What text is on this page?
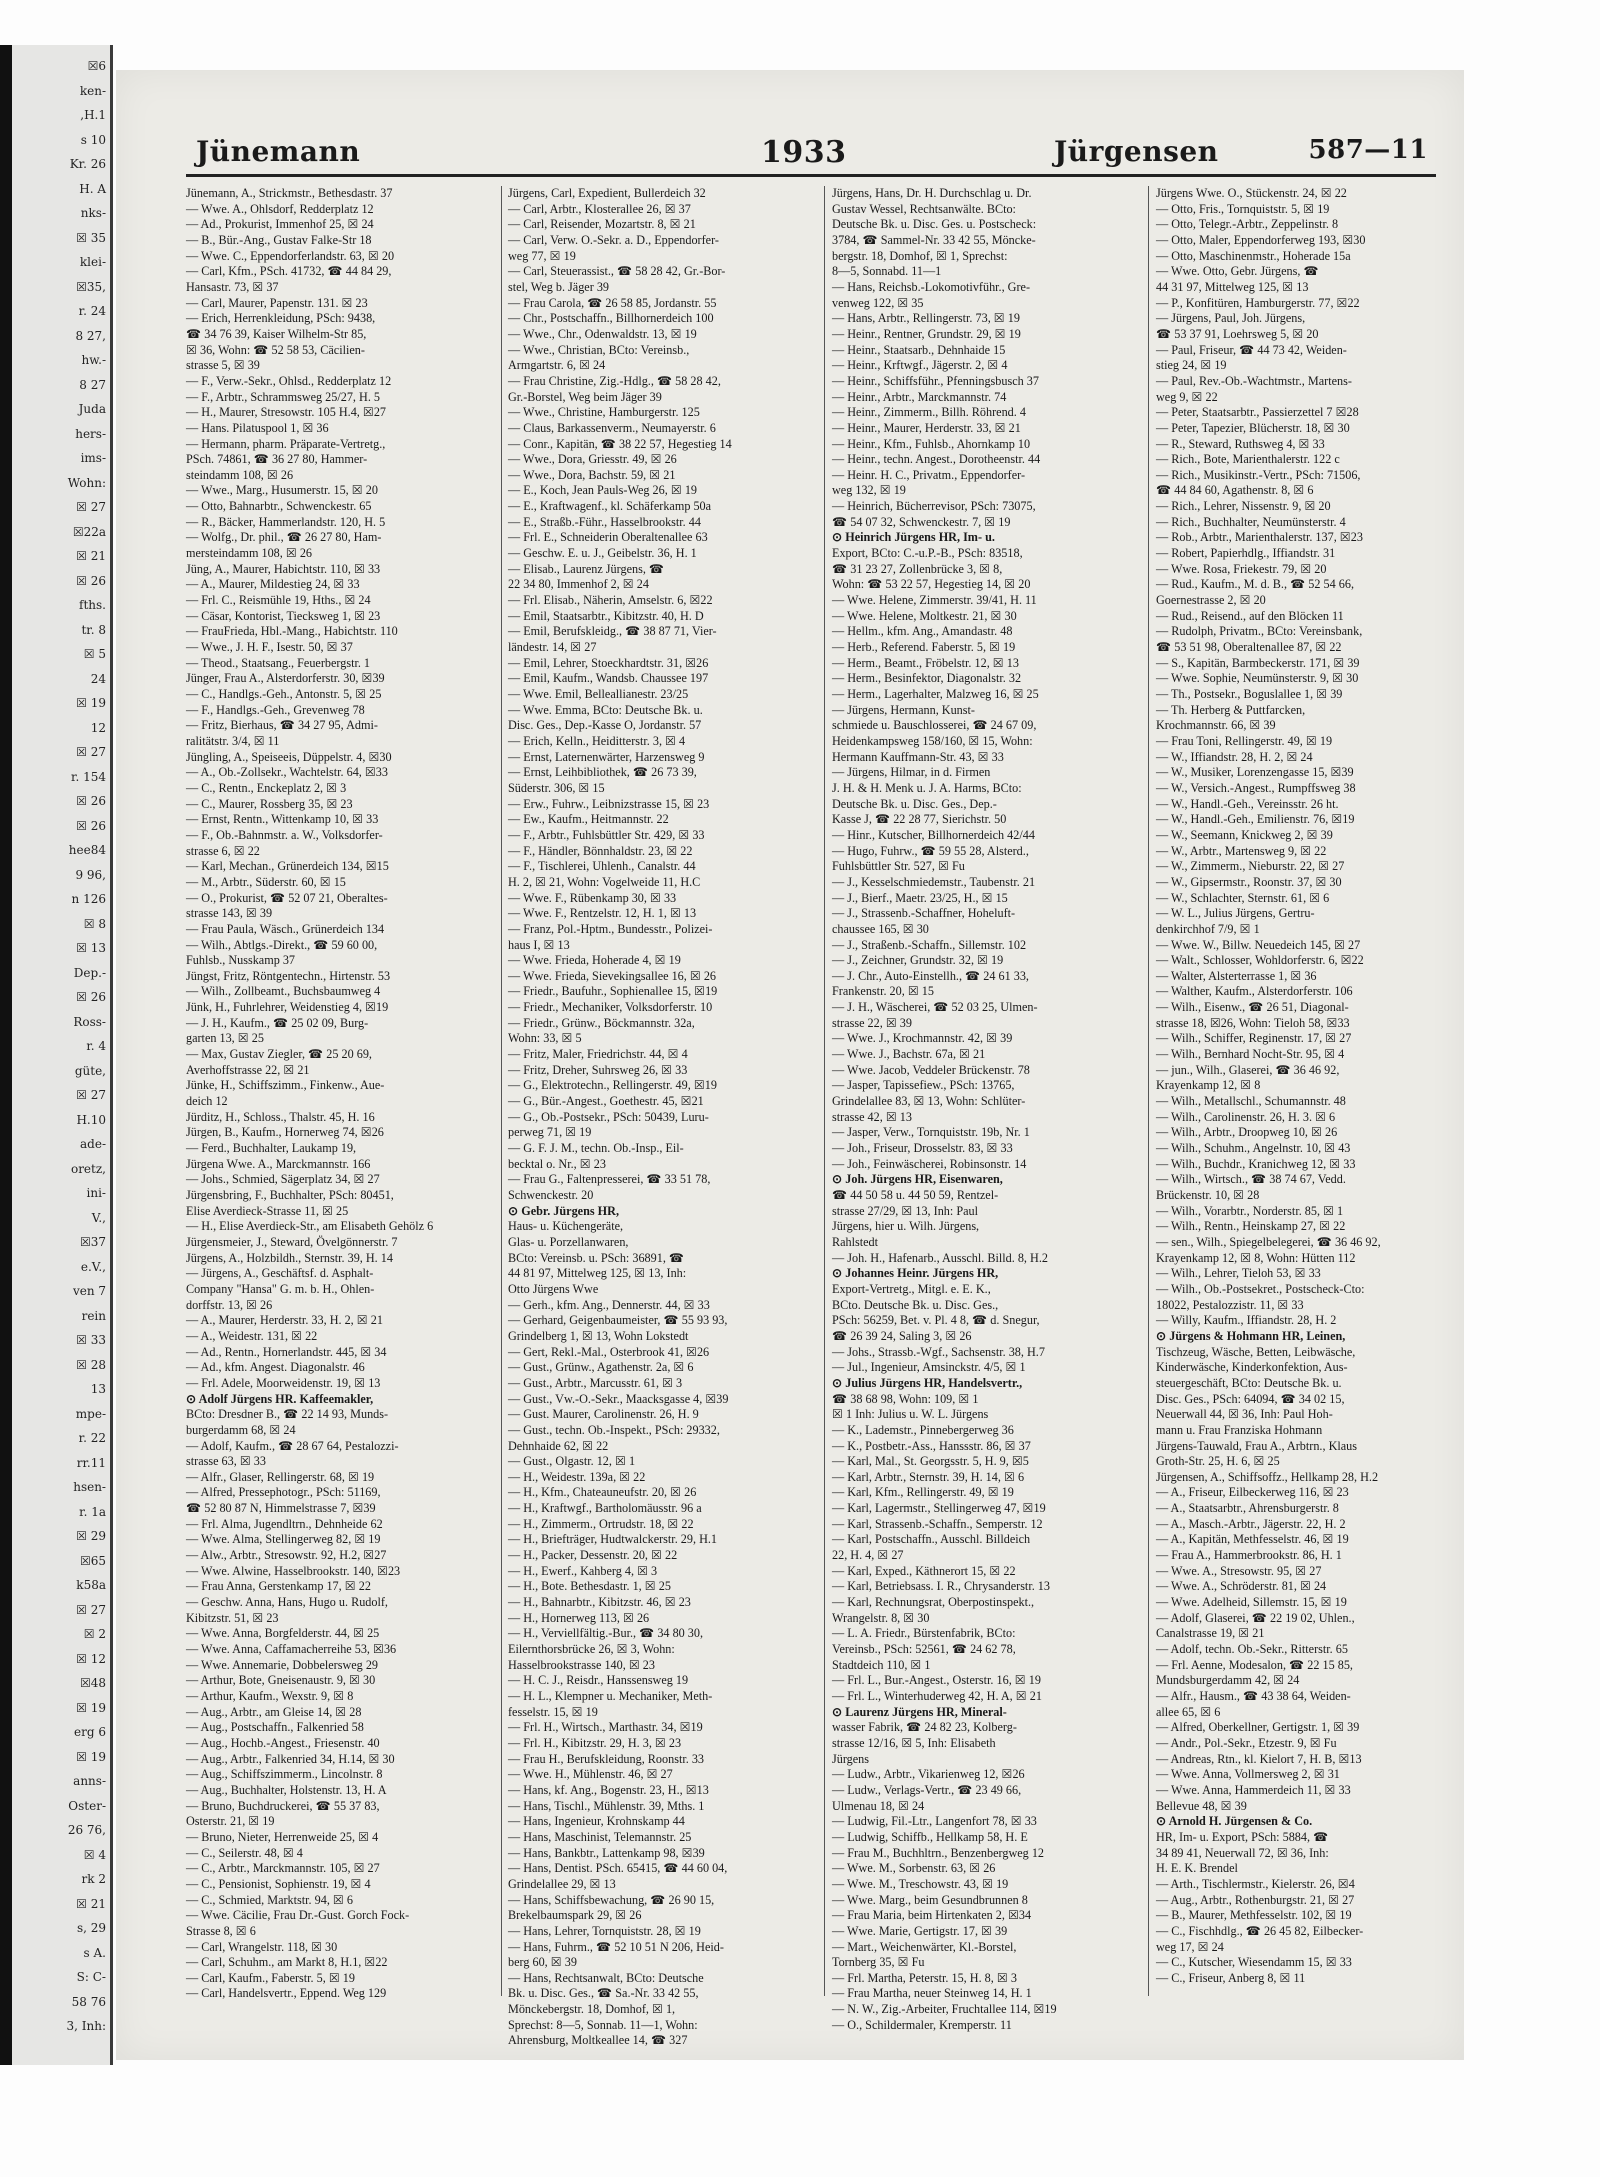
☒6
ken-
,H.1
s 10
Kr. 26
H. A
nks-
☒ 35
klei-
☒35,
r. 24
8 27,
hw.-
8 27
Juda
hers-
ims-
Wohn:
☒ 27
☒22a
☒ 21
☒ 26
fths.
tr. 8
☒ 5
24
☒ 19
12
☒ 27
r. 154
☒ 26
☒ 26
hee84
9 96,
n 126
☒ 8
☒ 13
Dep.-
☒ 26
Ross-
r. 4
güte,
☒ 27
H.10
ade-
oretz,
ini-
V.,
☒37
e.V.,
ven 7
rein
☒ 33
☒ 28
13
mpe-
r. 22
rr.11
hsen-
r. 1a
☒ 29
☒65
k58a
☒ 27
☒ 2
☒ 12
☒48
☒ 19
erg 6
☒ 19
anns-
Oster-
26 76,
☒ 4
rk 2
☒ 21
s, 29
s A.
S: C-
58 76
3, Inh:
Jünemann	1933	Jürgensen	587—11
Jünemann, A., Strickmstr., Bethesdastr. 37
— Wwe. A., Ohlsdorf, Redderplatz 12
— Ad., Prokurist, Immenhof 25, ☒ 24
— B., Bür.-Ang., Gustav Falke-Str 18
— Wwe. C., Eppendorferlandstr. 63, ☒ 20
— Carl, Kfm., PSch. 41732, ☎ 44 84 29,
Hansastr. 73, ☒ 37
— Carl, Maurer, Papenstr. 131. ☒ 23
— Erich, Herrenkleidung, PSch: 9438,
☎ 34 76 39, Kaiser Wilhelm-Str 85,
☒ 36, Wohn: ☎ 52 58 53, Cäcilien-
strasse 5, ☒ 39
— F., Verw.-Sekr., Ohlsd., Redderplatz 12
— F., Arbtr., Schrammsweg 25/27, H. 5
— H., Maurer, Stresowstr. 105 H.4, ☒27
— Hans. Pilatuspool 1, ☒ 36
— Hermann, pharm. Präparate-Vertretg.,
PSch. 74861, ☎ 36 27 80, Hammer-
steindamm 108, ☒ 26
— Wwe., Marg., Husumerstr. 15, ☒ 20
— Otto, Bahnarbtr., Schwenckestr. 65
— R., Bäcker, Hammerlandstr. 120, H. 5
— Wolfg., Dr. phil., ☎ 26 27 80, Ham-
mersteindamm 108, ☒ 26
Jüng, A., Maurer, Habichtstr. 110, ☒ 33
— A., Maurer, Mildestieg 24, ☒ 33
— Frl. C., Reismühle 19, Hths., ☒ 24
— Cäsar, Kontorist, Tiecksweg 1, ☒ 23
— FrauFrieda, Hbl.-Mang., Habichtstr. 110
— Wwe., J. H. F., Isestr. 50, ☒ 37
— Theod., Staatsang., Feuerbergstr. 1
Jünger, Frau A., Alsterdorferstr. 30, ☒39
— C., Handlgs.-Geh., Antonstr. 5, ☒ 25
— F., Handlgs.-Geh., Grevenweg 78
— Fritz, Bierhaus, ☎ 34 27 95, Admi-
ralitätstr. 3/4, ☒ 11
Jüngling, A., Speiseeis, Düppelstr. 4, ☒30
— A., Ob.-Zollsekr., Wachtelstr. 64, ☒33
— C., Rentn., Enckeplatz 2, ☒ 3
— C., Maurer, Rossberg 35, ☒ 23
— Ernst, Rentn., Wittenkamp 10, ☒ 33
— F., Ob.-Bahnmstr. a. W., Volksdorfer-
strasse 6, ☒ 22
— Karl, Mechan., Grünerdeich 134, ☒15
— M., Arbtr., Süderstr. 60, ☒ 15
— O., Prokurist, ☎ 52 07 21, Oberaltes-
strasse 143, ☒ 39
— Frau Paula, Wäsch., Grünerdeich 134
— Wilh., Abtlgs.-Direkt., ☎ 59 60 00,
Fuhlsb., Nusskamp 37
Jüngst, Fritz, Röntgentechn., Hirtenstr. 53
— Wilh., Zollbeamt., Buchsbaumweg 4
Jünk, H., Fuhrlehrer, Weidenstieg 4, ☒19
— J. H., Kaufm., ☎ 25 02 09, Burg-
garten 13, ☒ 25
— Max, Gustav Ziegler, ☎ 25 20 69,
Averhoffstrasse 22, ☒ 21
Jünke, H., Schiffszimm., Finkenw., Aue-
deich 12
Jürditz, H., Schloss., Thalstr. 45, H. 16
Jürgen, B., Kaufm., Hornerweg 74, ☒26
— Ferd., Buchhalter, Laukamp 19,
Jürgena Wwe. A., Marckmannstr. 166
— Johs., Schmied, Sägerplatz 34, ☒ 27
Jürgensbring, F., Buchhalter, PSch: 80451,
Elise Averdieck-Strasse 11, ☒ 25
— H., Elise Averdieck-Str., am Elisabeth Gehölz 6
Jürgensmeier, J., Steward, Övelgönnerstr. 7
Jürgens, A., Holzbildh., Sternstr. 39, H. 14
— Jürgens, A., Geschäftsf. d. Asphalt-
Company "Hansa" G. m. b. H., Ohlen-
dorffstr. 13, ☒ 26
— A., Maurer, Herderstr. 33, H. 2, ☒ 21
— A., Weidestr. 131, ☒ 22
— Ad., Rentn., Hornerlandstr. 445, ☒ 34
— Ad., kfm. Angest. Diagonalstr. 46
— Frl. Adele, Moorweidenstr. 19, ☒ 13
⊙ Adolf Jürgens HR. Kaffeemakler,
BCto: Dresdner B., ☎ 22 14 93, Munds-
burgerdamm 68, ☒ 24
— Adolf, Kaufm., ☎ 28 67 64, Pestalozzi-
strasse 63, ☒ 33
— Alfr., Glaser, Rellingerstr. 68, ☒ 19
— Alfred, Pressephotogr., PSch: 51169,
☎ 52 80 87 N, Himmelstrasse 7, ☒39
— Frl. Alma, Jugendltrn., Dehnheide 62
— Wwe. Alma, Stellingerweg 82, ☒ 19
— Alw., Arbtr., Stresowstr. 92, H.2, ☒27
— Wwe. Alwine, Hasselbrookstr. 140, ☒23
— Frau Anna, Gerstenkamp 17, ☒ 22
— Geschw. Anna, Hans, Hugo u. Rudolf,
Kibitzstr. 51, ☒ 23
— Wwe. Anna, Borgfelderstr. 44, ☒ 25
— Wwe. Anna, Caffamacherreihe 53, ☒36
— Wwe. Annemarie, Dobbelersweg 29
— Arthur, Bote, Gneisenaustr. 9, ☒ 30
— Arthur, Kaufm., Wexstr. 9, ☒ 8
— Aug., Arbtr., am Gleise 14, ☒ 28
— Aug., Postschaffn., Falkenried 58
— Aug., Hochb.-Angest., Friesenstr. 40
— Aug., Arbtr., Falkenried 34, H.14, ☒ 30
— Aug., Schiffszimmerm., Lincolnstr. 8
— Aug., Buchhalter, Holstenstr. 13, H. A
— Bruno, Buchdruckerei, ☎ 55 37 83,
Osterstr. 21, ☒ 19
— Bruno, Nieter, Herrenweide 25, ☒ 4
— C., Seilerstr. 48, ☒ 4
— C., Arbtr., Marckmannstr. 105, ☒ 27
— C., Pensionist, Sophienstr. 19, ☒ 4
— C., Schmied, Marktstr. 94, ☒ 6
— Wwe. Cäcilie, Frau Dr.-Gust. Gorch Fock-
Strasse 8, ☒ 6
— Carl, Wrangelstr. 118, ☒ 30
— Carl, Schuhm., am Markt 8, H.1, ☒22
— Carl, Kaufm., Faberstr. 5, ☒ 19
— Carl, Handelsvertr., Eppend. Weg 129
Jürgens, Carl, Expedient, Bullerdeich 32
— Carl, Arbtr., Klosterallee 26, ☒ 37
— Carl, Reisender, Mozartstr. 8, ☒ 21
— Carl, Verw. O.-Sekr. a. D., Eppendorfer-
weg 77, ☒ 19
— Carl, Steuerassist., ☎ 58 28 42, Gr.-Bor-
stel, Weg b. Jäger 39
— Frau Carola, ☎ 26 58 85, Jordanstr. 55
— Chr., Postschaffn., Billhornerdeich 100
— Wwe., Chr., Odenwaldstr. 13, ☒ 19
— Wwe., Christian, BCto: Vereinsb.,
Armgartstr. 6, ☒ 24
— Frau Christine, Zig.-Hdlg., ☎ 58 28 42,
Gr.-Borstel, Weg beim Jäger 39
— Wwe., Christine, Hamburgerstr. 125
— Claus, Barkassenverm., Neumayerstr. 6
— Conr., Kapitän, ☎ 38 22 57, Hegestieg 14
— Wwe., Dora, Griesstr. 49, ☒ 26
— Wwe., Dora, Bachstr. 59, ☒ 21
— E., Koch, Jean Pauls-Weg 26, ☒ 19
— E., Kraftwagenf., kl. Schäferkamp 50a
— E., Straßb.-Führ., Hasselbrookstr. 44
— Frl. E., Schneiderin Oberaltenallee 63
— Geschw. E. u. J., Geibelstr. 36, H. 1
— Elisab., Laurenz Jürgens, ☎
22 34 80, Immenhof 2, ☒ 24
— Frl. Elisab., Näherin, Amselstr. 6, ☒22
— Emil, Staatsarbtr., Kibitzstr. 40, H. D
— Emil, Berufskleidg., ☎ 38 87 71, Vier-
ländestr. 14, ☒ 27
— Emil, Lehrer, Stoeckhardtstr. 31, ☒26
— Emil, Kaufm., Wandsb. Chaussee 197
— Wwe. Emil, Belleallianestr. 23/25
— Wwe. Emma, BCto: Deutsche Bk. u.
Disc. Ges., Dep.-Kasse O, Jordanstr. 57
— Erich, Kelln., Heiditterstr. 3, ☒ 4
— Ernst, Laternenwärter, Harzensweg 9
— Ernst, Leihbibliothek, ☎ 26 73 39,
Süderstr. 306, ☒ 15
— Erw., Fuhrw., Leibnizstrasse 15, ☒ 23
— Ew., Kaufm., Heitmannstr. 22
— F., Arbtr., Fuhlsbüttler Str. 429, ☒ 33
— F., Händler, Bönnhaldstr. 23, ☒ 22
— F., Tischlerei, Uhlenh., Canalstr. 44
H. 2, ☒ 21, Wohn: Vogelweide 11, H.C
— Wwe. F., Rübenkamp 30, ☒ 33
— Wwe. F., Rentzelstr. 12, H. 1, ☒ 13
— Franz, Pol.-Hptm., Bundesstr., Polizei-
haus I, ☒ 13
— Wwe. Frieda, Hoherade 4, ☒ 19
— Wwe. Frieda, Sievekingsallee 16, ☒ 26
— Friedr., Baufuhr., Sophienallee 15, ☒19
— Friedr., Mechaniker, Volksdorferstr. 10
— Friedr., Grünw., Böckmannstr. 32a,
Wohn: 33, ☒ 5
— Fritz, Maler, Friedrichstr. 44, ☒ 4
— Fritz, Dreher, Suhrsweg 26, ☒ 33
— G., Elektrotechn., Rellingerstr. 49, ☒19
— G., Bür.-Angest., Goethestr. 45, ☒21
— G., Ob.-Postsekr., PSch: 50439, Luru-
perweg 71, ☒ 19
— G. F. J. M., techn. Ob.-Insp., Eil-
becktal o. Nr., ☒ 23
— Frau G., Faltenpresserei, ☎ 33 51 78,
Schwenckestr. 20
⊙ Gebr. Jürgens HR,
Haus- u. Küchengeräte,
Glas- u. Porzellanwaren,
BCto: Vereinsb. u. PSch: 36891, ☎
44 81 97, Mittelweg 125, ☒ 13, Inh:
Otto Jürgens Wwe
— Gerh., kfm. Ang., Dennerstr. 44, ☒ 33
— Gerhard, Geigenbaumeister, ☎ 55 93 93,
Grindelberg 1, ☒ 13, Wohn Lokstedt
— Gert, Rekl.-Mal., Osterbrook 41, ☒26
— Gust., Grünw., Agathenstr. 2a, ☒ 6
— Gust., Arbtr., Marcusstr. 61, ☒ 3
— Gust., Vw.-O.-Sekr., Maacksgasse 4, ☒39
— Gust. Maurer, Carolinenstr. 26, H. 9
— Gust., techn. Ob.-Inspekt., PSch: 29332,
Dehnhaide 62, ☒ 22
— Gust., Olgastr. 12, ☒ 1
— H., Weidestr. 139a, ☒ 22
— H., Kfm., Chateauneufstr. 20, ☒ 26
— H., Kraftwgf., Bartholomäusstr. 96 a
— H., Zimmerm., Ortrudstr. 18, ☒ 22
— H., Briefträger, Hudtwalckerstr. 29, H.1
— H., Packer, Dessenstr. 20, ☒ 22
— H., Ewerf., Kahberg 4, ☒ 3
— H., Bote. Bethesdastr. 1, ☒ 25
— H., Bahnarbtr., Kibitzstr. 46, ☒ 23
— H., Hornerweg 113, ☒ 26
— H., Verviellfältig.-Bur., ☎ 34 80 30,
Eilernthorsbrücke 26, ☒ 3, Wohn:
Hasselbrookstrasse 140, ☒ 23
— H. C. J., Reisdr., Hanssensweg 19
— H. L., Klempner u. Mechaniker, Meth-
fesselstr. 15, ☒ 19
— Frl. H., Wirtsch., Marthastr. 34, ☒19
— Frl. H., Kibitzstr. 29, H. 3, ☒ 23
— Frau H., Berufskleidung, Roonstr. 33
— Wwe. H., Mühlenstr. 46, ☒ 27
— Hans, kf. Ang., Bogenstr. 23, H., ☒13
— Hans, Tischl., Mühlenstr. 39, Mths. 1
— Hans, Ingenieur, Krohnskamp 44
— Hans, Maschinist, Telemannstr. 25
— Hans, Bankbtr., Lattenkamp 98, ☒39
— Hans, Dentist. PSch. 65415, ☎ 44 60 04,
Grindelallee 29, ☒ 13
— Hans, Schiffsbewachung, ☎ 26 90 15,
Brekelbaumspark 29, ☒ 26
— Hans, Lehrer, Tornquiststr. 28, ☒ 19
— Hans, Fuhrm., ☎ 52 10 51 N 206, Heid-
berg 60, ☒ 39
— Hans, Rechtsanwalt, BCto: Deutsche
Bk. u. Disc. Ges., ☎ Sa.-Nr. 33 42 55,
Mönckebergstr. 18, Domhof, ☒ 1,
Sprechst: 8—5, Sonnab. 11—1, Wohn:
Ahrensburg, Moltkeallee 14, ☎ 327
Jürgens, Hans, Dr. H. Durchschlag u. Dr.
Gustav Wessel, Rechtsanwälte. BCto:
Deutsche Bk. u. Disc. Ges. u. Postscheck:
3784, ☎ Sammel-Nr. 33 42 55, Möncke-
bergstr. 18, Domhof, ☒ 1, Sprechst:
8—5, Sonnabd. 11—1
— Hans, Reichsb.-Lokomotivführ., Gre-
venweg 122, ☒ 35
— Hans, Arbtr., Rellingerstr. 73, ☒ 19
— Heinr., Rentner, Grundstr. 29, ☒ 19
— Heinr., Staatsarb., Dehnhaide 15
— Heinr., Krftwgf., Jägerstr. 2, ☒ 4
— Heinr., Schiffsführ., Pfenningsbusch 37
— Heinr., Arbtr., Marckmannstr. 74
— Heinr., Zimmerm., Billh. Röhrend. 4
— Heinr., Maurer, Herderstr. 33, ☒ 21
— Heinr., Kfm., Fuhlsb., Ahornkamp 10
— Heinr., techn. Angest., Dorotheenstr. 44
— Heinr. H. C., Privatm., Eppendorfer-
weg 132, ☒ 19
— Heinrich, Bücherrevisor, PSch: 73075,
☎ 54 07 32, Schwenckestr. 7, ☒ 19
⊙ Heinrich Jürgens HR, Im- u.
Export, BCto: C.-u.P.-B., PSch: 83518,
☎ 31 23 27, Zollenbrücke 3, ☒ 8,
Wohn: ☎ 53 22 57, Hegestieg 14, ☒ 20
— Wwe. Helene, Zimmerstr. 39/41, H. 11
— Wwe. Helene, Moltkestr. 21, ☒ 30
— Hellm., kfm. Ang., Amandastr. 48
— Herb., Referend. Faberstr. 5, ☒ 19
— Herm., Beamt., Fröbelstr. 12, ☒ 13
— Herm., Besinfektor, Diagonalstr. 32
— Herm., Lagerhalter, Malzweg 16, ☒ 25
— Jürgens, Hermann, Kunst-
schmiede u. Bauschlosserei, ☎ 24 67 09,
Heidenkampsweg 158/160, ☒ 15, Wohn:
Hermann Kauffmann-Str. 43, ☒ 33
— Jürgens, Hilmar, in d. Firmen
J. H. & H. Menk u. J. A. Harms, BCto:
Deutsche Bk. u. Disc. Ges., Dep.-
Kasse J, ☎ 22 28 77, Sierichstr. 50
— Hinr., Kutscher, Billhornerdeich 42/44
— Hugo, Fuhrw., ☎ 59 55 28, Alsterd.,
Fuhlsbüttler Str. 527, ☒ Fu
— J., Kesselschmiedemstr., Taubenstr. 21
— J., Bierf., Maetr. 23/25, H., ☒ 15
— J., Strassenb.-Schaffner, Hoheluft-
chaussee 165, ☒ 30
— J., Straßenb.-Schaffn., Sillemstr. 102
— J., Zeichner, Grundstr. 32, ☒ 19
— J. Chr., Auto-Einstellh., ☎ 24 61 33,
Frankenstr. 20, ☒ 15
— J. H., Wäscherei, ☎ 52 03 25, Ulmen-
strasse 22, ☒ 39
— Wwe. J., Krochmannstr. 42, ☒ 39
— Wwe. J., Bachstr. 67a, ☒ 21
— Wwe. Jacob, Veddeler Brückenstr. 78
— Jasper, Tapissefiew., PSch: 13765,
Grindelallee 83, ☒ 13, Wohn: Schlüter-
strasse 42, ☒ 13
— Jasper, Verw., Tornquiststr. 19b, Nr. 1
— Joh., Friseur, Drosselstr. 83, ☒ 33
— Joh., Feinwäscherei, Robinsonstr. 14
⊙ Joh. Jürgens HR, Eisenwaren,
☎ 44 50 58 u. 44 50 59, Rentzel-
strasse 27/29, ☒ 13, Inh: Paul
Jürgens, hier u. Wilh. Jürgens,
Rahlstedt
— Joh. H., Hafenarb., Ausschl. Billd. 8, H.2
⊙ Johannes Heinr. Jürgens HR,
Export-Vertretg., Mitgl. e. E. K.,
BCto. Deutsche Bk. u. Disc. Ges.,
PSch: 56259, Bet. v. Pl. 4 8, ☎ d. Snegur,
☎ 26 39 24, Saling 3, ☒ 26
— Johs., Strassb.-Wgf., Sachsenstr. 38, H.7
— Jul., Ingenieur, Amsinckstr. 4/5, ☒ 1
⊙ Julius Jürgens HR, Handelsvertr.,
☎ 38 68 98, Wohn: 109, ☒ 1
☒ 1 Inh: Julius u. W. L. Jürgens
— K., Lademstr., Pinnebergerweg 36
— K., Postbetr.-Ass., Hanssstr. 86, ☒ 37
— Karl, Mal., St. Georgsstr. 5, H. 9, ☒5
— Karl, Arbtr., Sternstr. 39, H. 14, ☒ 6
— Karl, Kfm., Rellingerstr. 49, ☒ 19
— Karl, Lagermstr., Stellingerweg 47, ☒19
— Karl, Strassenb.-Schaffn., Semperstr. 12
— Karl, Postschaffn., Ausschl. Billdeich
22, H. 4, ☒ 27
— Karl, Exped., Käthnerort 15, ☒ 22
— Karl, Betriebsass. I. R., Chrysanderstr. 13
— Karl, Rechnungsrat, Oberpostinspekt.,
Wrangelstr. 8, ☒ 30
— L. A. Friedr., Bürstenfabrik, BCto:
Vereinsb., PSch: 52561, ☎ 24 62 78,
Stadtdeich 110, ☒ 1
— Frl. L., Bur.-Angest., Osterstr. 16, ☒ 19
— Frl. L., Winterhuderweg 42, H. A, ☒ 21
⊙ Laurenz Jürgens HR, Mineral-
wasser Fabrik, ☎ 24 82 23, Kolberg-
strasse 12/16, ☒ 5, Inh: Elisabeth
Jürgens
— Ludw., Arbtr., Vikarienweg 12, ☒26
— Ludw., Verlags-Vertr., ☎ 23 49 66,
Ulmenau 18, ☒ 24
— Ludwig, Fil.-Ltr., Langenfort 78, ☒ 33
— Ludwig, Schiffb., Hellkamp 58, H. E
— Frau M., Buchhltrn., Benzenbergweg 12
— Wwe. M., Sorbenstr. 63, ☒ 26
— Wwe. M., Treschowstr. 43, ☒ 19
— Wwe. Marg., beim Gesundbrunnen 8
— Frau Maria, beim Hirtenkaten 2, ☒34
— Wwe. Marie, Gertigstr. 17, ☒ 39
— Mart., Weichenwärter, Kl.-Borstel,
Tornberg 35, ☒ Fu
— Frl. Martha, Peterstr. 15, H. 8, ☒ 3
— Frau Martha, neuer Steinweg 14, H. 1
— N. W., Zig.-Arbeiter, Fruchtallee 114, ☒19
— O., Schildermaler, Kremperstr. 11
Jürgens Wwe. O., Stückenstr. 24, ☒ 22
— Otto, Fris., Tornquiststr. 5, ☒ 19
— Otto, Telegr.-Arbtr., Zeppelinstr. 8
— Otto, Maler, Eppendorferweg 193, ☒30
— Otto, Maschinenmstr., Hoherade 15a
— Wwe. Otto, Gebr. Jürgens, ☎
44 31 97, Mittelweg 125, ☒ 13
— P., Konfitüren, Hamburgerstr. 77, ☒22
— Jürgens, Paul, Joh. Jürgens,
☎ 53 37 91, Loehrsweg 5, ☒ 20
— Paul, Friseur, ☎ 44 73 42, Weiden-
stieg 24, ☒ 19
— Paul, Rev.-Ob.-Wachtmstr., Martens-
weg 9, ☒ 22
— Peter, Staatsarbtr., Passierzettel 7 ☒28
— Peter, Tapezier, Blücherstr. 18, ☒ 30
— R., Steward, Ruthsweg 4, ☒ 33
— Rich., Bote, Marienthalerstr. 122 c
— Rich., Musikinstr.-Vertr., PSch: 71506,
☎ 44 84 60, Agathenstr. 8, ☒ 6
— Rich., Lehrer, Nissenstr. 9, ☒ 20
— Rich., Buchhalter, Neumünsterstr. 4
— Rob., Arbtr., Marienthalerstr. 137, ☒23
— Robert, Papierhdlg., Iffiandstr. 31
— Wwe. Rosa, Friekestr. 79, ☒ 20
— Rud., Kaufm., M. d. B., ☎ 52 54 66,
Goernestrasse 2, ☒ 20
— Rud., Reisend., auf den Blöcken 11
— Rudolph, Privatm., BCto: Vereinsbank,
☎ 53 51 98, Oberaltenallee 87, ☒ 22
— S., Kapitän, Barmbeckerstr. 171, ☒ 39
— Wwe. Sophie, Neumünsterstr. 9, ☒ 30
— Th., Postsekr., Boguslallee 1, ☒ 39
— Th. Herberg & Puttfarcken,
Krochmannstr. 66, ☒ 39
— Frau Toni, Rellingerstr. 49, ☒ 19
— W., Iffiandstr. 28, H. 2, ☒ 24
— W., Musiker, Lorenzengasse 15, ☒39
— W., Versich.-Angest., Rumpffsweg 38
— W., Handl.-Geh., Vereinsstr. 26 ht.
— W., Handl.-Geh., Emilienstr. 76, ☒19
— W., Seemann, Knickweg 2, ☒ 39
— W., Arbtr., Martensweg 9, ☒ 22
— W., Zimmerm., Nieburstr. 22, ☒ 27
— W., Gipsermstr., Roonstr. 37, ☒ 30
— W., Schlachter, Sternstr. 61, ☒ 6
— W. L., Julius Jürgens, Gertru-
denkirchhof 7/9, ☒ 1
— Wwe. W., Billw. Neuedeich 145, ☒ 27
— Walt., Schlosser, Wohldorferstr. 6, ☒22
— Walter, Alsterterrasse 1, ☒ 36
— Walther, Kaufm., Alsterdorferstr. 106
— Wilh., Eisenw., ☎ 26 51, Diagonal-
strasse 18, ☒26, Wohn: Tieloh 58, ☒33
— Wilh., Schiffer, Reginenstr. 17, ☒ 27
— Wilh., Bernhard Nocht-Str. 95, ☒ 4
— jun., Wilh., Glaserei, ☎ 36 46 92,
Krayenkamp 12, ☒ 8
— Wilh., Metallschl., Schumannstr. 48
— Wilh., Carolinenstr. 26, H. 3. ☒ 6
— Wilh., Arbtr., Droopweg 10, ☒ 26
— Wilh., Schuhm., Angelnstr. 10, ☒ 43
— Wilh., Buchdr., Kranichweg 12, ☒ 33
— Wilh., Wirtsch., ☎ 38 74 67, Vedd.
Brückenstr. 10, ☒ 28
— Wilh., Vorarbtr., Norderstr. 85, ☒ 1
— Wilh., Rentn., Heinskamp 27, ☒ 22
— sen., Wilh., Spiegelbelegerei, ☎ 36 46 92,
Krayenkamp 12, ☒ 8, Wohn: Hütten 112
— Wilh., Lehrer, Tieloh 53, ☒ 33
— Wilh., Ob.-Postsekret., Postscheck-Cto:
18022, Pestalozzistr. 11, ☒ 33
— Willy, Kaufm., Iffiandstr. 28, H. 2
⊙ Jürgens & Hohmann HR, Leinen,
Tischzeug, Wäsche, Betten, Leibwäsche,
Kinderwäsche, Kinderkonfektion, Aus-
steuergeschäft, BCto: Deutsche Bk. u.
Disc. Ges., PSch: 64094, ☎ 34 02 15,
Neuerwall 44, ☒ 36, Inh: Paul Hoh-
mann u. Frau Franziska Hohmann
Jürgens-Tauwald, Frau A., Arbtrn., Klaus
Groth-Str. 25, H. 6, ☒ 25
Jürgensen, A., Schiffsoffz., Hellkamp 28, H.2
— A., Friseur, Eilbeckerweg 116, ☒ 23
— A., Staatsarbtr., Ahrensburgerstr. 8
— A., Masch.-Arbtr., Jägerstr. 22, H. 2
— A., Kapitän, Methfesselstr. 46, ☒ 19
— Frau A., Hammerbrookstr. 86, H. 1
— Wwe. A., Stresowstr. 95, ☒ 27
— Wwe. A., Schröderstr. 81, ☒ 24
— Wwe. Adelheid, Sillemstr. 15, ☒ 19
— Adolf, Glaserei, ☎ 22 19 02, Uhlen.,
Canalstrasse 19, ☒ 21
— Adolf, techn. Ob.-Sekr., Ritterstr. 65
— Frl. Aenne, Modesalon, ☎ 22 15 85,
Mundsburgerdamm 42, ☒ 24
— Alfr., Hausm., ☎ 43 38 64, Weiden-
allee 65, ☒ 6
— Alfred, Oberkellner, Gertigstr. 1, ☒ 39
— Andr., Pol.-Sekr., Etzestr. 9, ☒ Fu
— Andreas, Rtn., kl. Kielort 7, H. B, ☒13
— Wwe. Anna, Vollmersweg 2, ☒ 31
— Wwe. Anna, Hammerdeich 11, ☒ 33
Bellevue 48, ☒ 39
⊙ Arnold H. Jürgensen & Co.
HR, Im- u. Export, PSch: 5884, ☎
34 89 41, Neuerwall 72, ☒ 36, Inh:
H. E. K. Brendel
— Arth., Tischlermstr., Kielerstr. 26, ☒4
— Aug., Arbtr., Rothenburgstr. 21, ☒ 27
— B., Maurer, Methfesselstr. 102, ☒ 19
— C., Fischhdlg., ☎ 26 45 82, Eilbecker-
weg 17, ☒ 24
— C., Kutscher, Wiesendamm 15, ☒ 33
— C., Friseur, Anberg 8, ☒ 11
